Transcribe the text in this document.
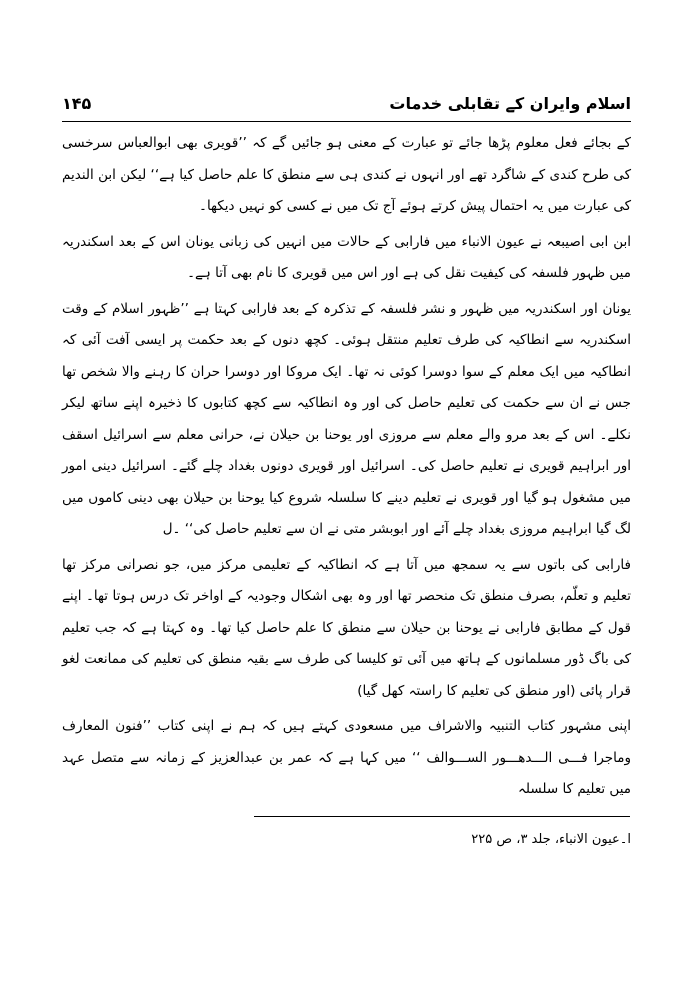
اسلام وایران کے تقابلی خدمات
۱۴۵

کے بجائے فعل معلوم پڑھا جائے تو عبارت کے معنی ہو جائیں گے کہ ’’قویری بھی ابوالعباس سرخسی کی طرح کندی کے شاگرد تھے اور انہوں نے کندی ہی سے منطق کا علم حاصل کیا ہے‘‘ لیکن ابن الندیم کی عبارت میں یہ احتمال پیش کرتے ہوئے آج تک میں نے کسی کو نہیں دیکھا۔

ابن ابی اصیبعہ نے عیون الانباء میں فارابی کے حالات میں انہیں کی زبانی یونان اس کے بعد اسکندریہ میں ظہور فلسفہ کی کیفیت نقل کی ہے اور اس میں قویری کا نام بھی آتا ہے۔

یونان اور اسکندریہ میں ظہور و نشر فلسفہ کے تذکرہ کے بعد فارابی کہتا ہے ’’ظہور اسلام کے وقت اسکندریہ سے انطاکیہ کی طرف تعلیم منتقل ہوئی۔ کچھ دنوں کے بعد حکمت پر ایسی آفت آئی کہ انطاکیہ میں ایک معلم کے سوا دوسرا کوئی نہ تھا۔ ایک مروکا اور دوسرا حران کا رہنے والا شخص تھا جس نے ان سے حکمت کی تعلیم حاصل کی اور وہ انطاکیہ سے کچھ کتابوں کا ذخیرہ اپنے ساتھ لیکر نکلے۔ اس کے بعد مرو والے معلم سے مروزی اور یوحنا بن حیلان نے، حرانی معلم سے اسرائیل اسقف اور ابراہیم قویری نے تعلیم حاصل کی۔ اسرائیل اور قویری دونوں بغداد چلے گئے۔ اسرائیل دینی امور میں مشغول ہو گیا اور قویری نے تعلیم دینے کا سلسلہ شروع کیا یوحنا بن حیلان بھی دینی کاموں میں لگ گیا ابراہیم مروزی بغداد چلے آئے اور ابوبشر متی نے ان سے تعلیم حاصل کی‘‘ ۔ل

فارابی کی باتوں سے یہ سمجھ میں آتا ہے کہ انطاکیہ کے تعلیمی مرکز میں، جو نصرانی مرکز تھا تعلیم و تعلّم، بصرف منطق تک منحصر تھا اور وہ بھی اشکال وجودیہ کے اواخر تک درس ہوتا تھا۔ اپنے قول کے مطابق فارابی نے یوحنا بن حیلان سے منطق کا علم حاصل کیا تھا۔ وہ کہتا ہے کہ جب تعلیم کی باگ ڈور مسلمانوں کے ہاتھ میں آئی تو کلیسا کی طرف سے بقیہ منطق کی تعلیم کی ممانعت لغو قرار پائی (اور منطق کی تعلیم کا راستہ کھل گیا)

اپنی مشہور کتاب التنبیہ والاشراف میں مسعودی کہتے ہیں کہ ہم نے اپنی کتاب ’’فنون المعارف وماجرا فـــی الـــدھـــور الســـوالف ‘‘ میں کہا ہے کہ عمر بن عبدالعزیز کے زمانہ سے متصل عہد میں تعلیم کا سلسلہ

ا۔عیون الانباء، جلد ۳، ص ۲۲۵
